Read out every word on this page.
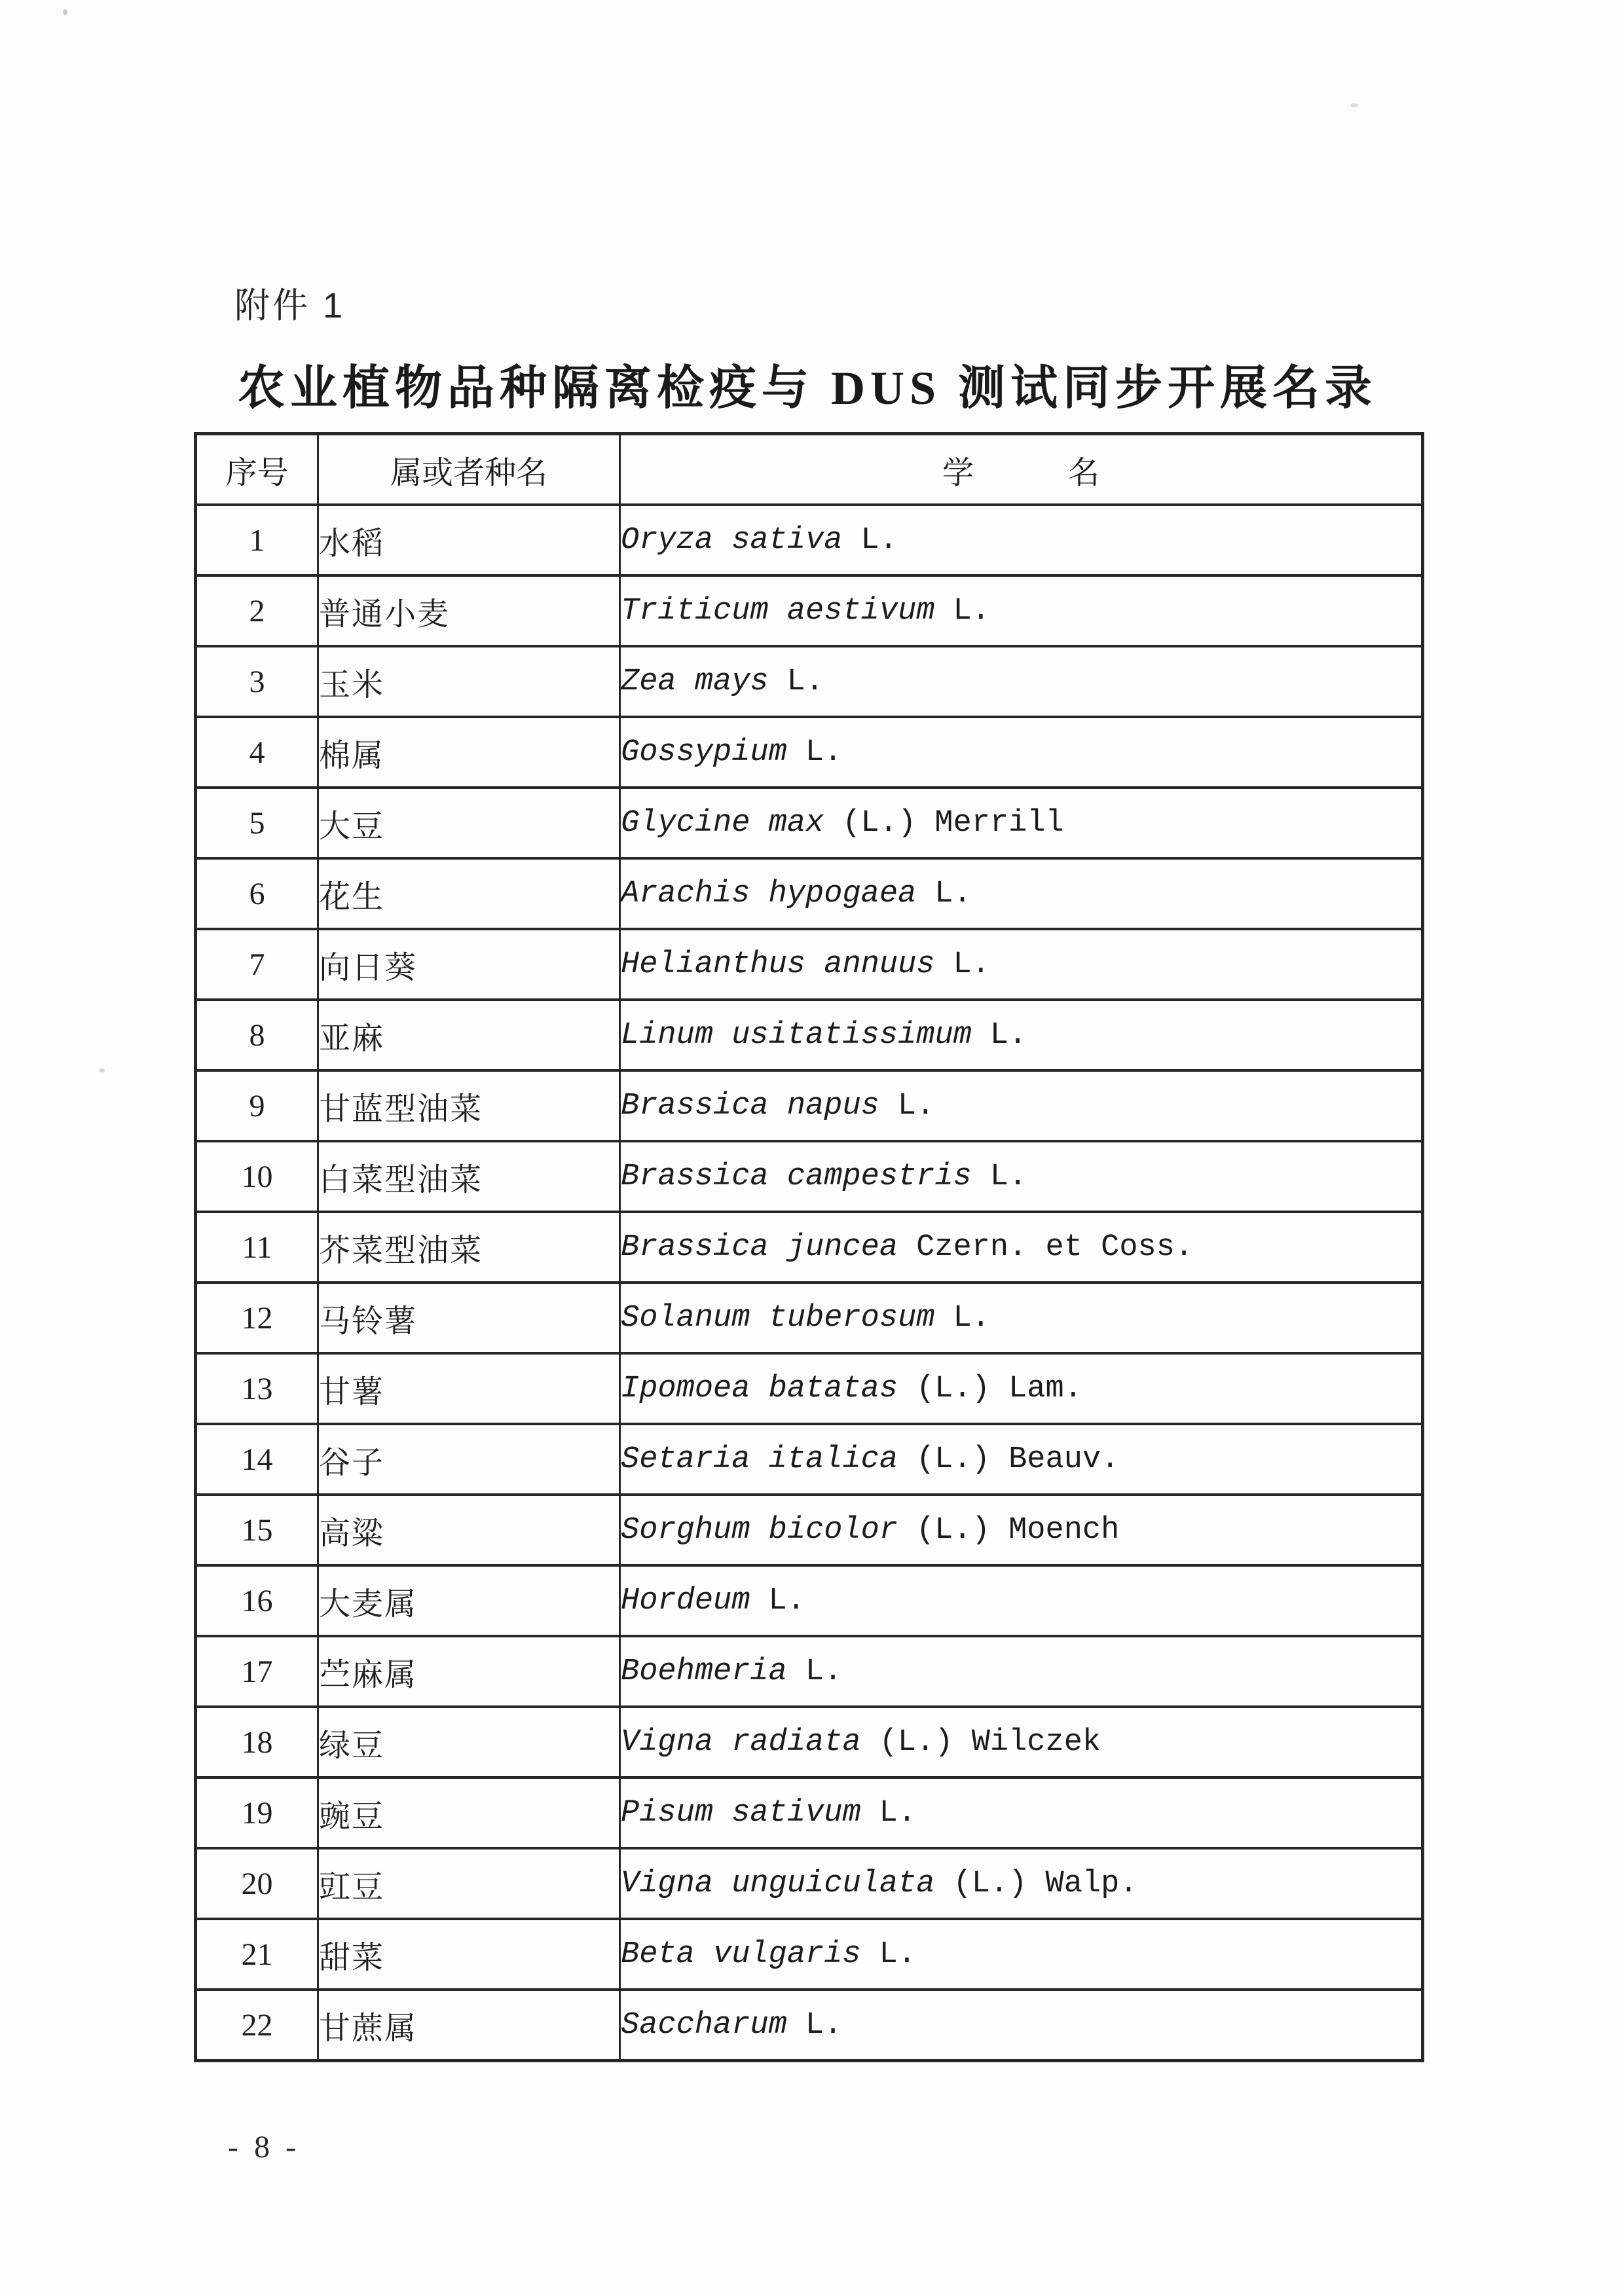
附件 1
农业植物品种隔离检疫与 DUS 测试同步开展名录
序号	属或者种名	学　　　名
1	水稻	Oryza sativa L.
2	普通小麦	Triticum aestivum L.
3	玉米	Zea mays L.
4	棉属	Gossypium L.
5	大豆	Glycine max (L.) Merrill
6	花生	Arachis hypogaea L.
7	向日葵	Helianthus annuus L.
8	亚麻	Linum usitatissimum L.
9	甘蓝型油菜	Brassica napus L.
10	白菜型油菜	Brassica campestris L.
11	芥菜型油菜	Brassica juncea Czern. et Coss.
12	马铃薯	Solanum tuberosum L.
13	甘薯	Ipomoea batatas (L.) Lam.
14	谷子	Setaria italica (L.) Beauv.
15	高粱	Sorghum bicolor (L.) Moench
16	大麦属	Hordeum L.
17	苎麻属	Boehmeria L.
18	绿豆	Vigna radiata (L.) Wilczek
19	豌豆	Pisum sativum L.
20	豇豆	Vigna unguiculata (L.) Walp.
21	甜菜	Beta vulgaris L.
22	甘蔗属	Saccharum L.
- 8 -
